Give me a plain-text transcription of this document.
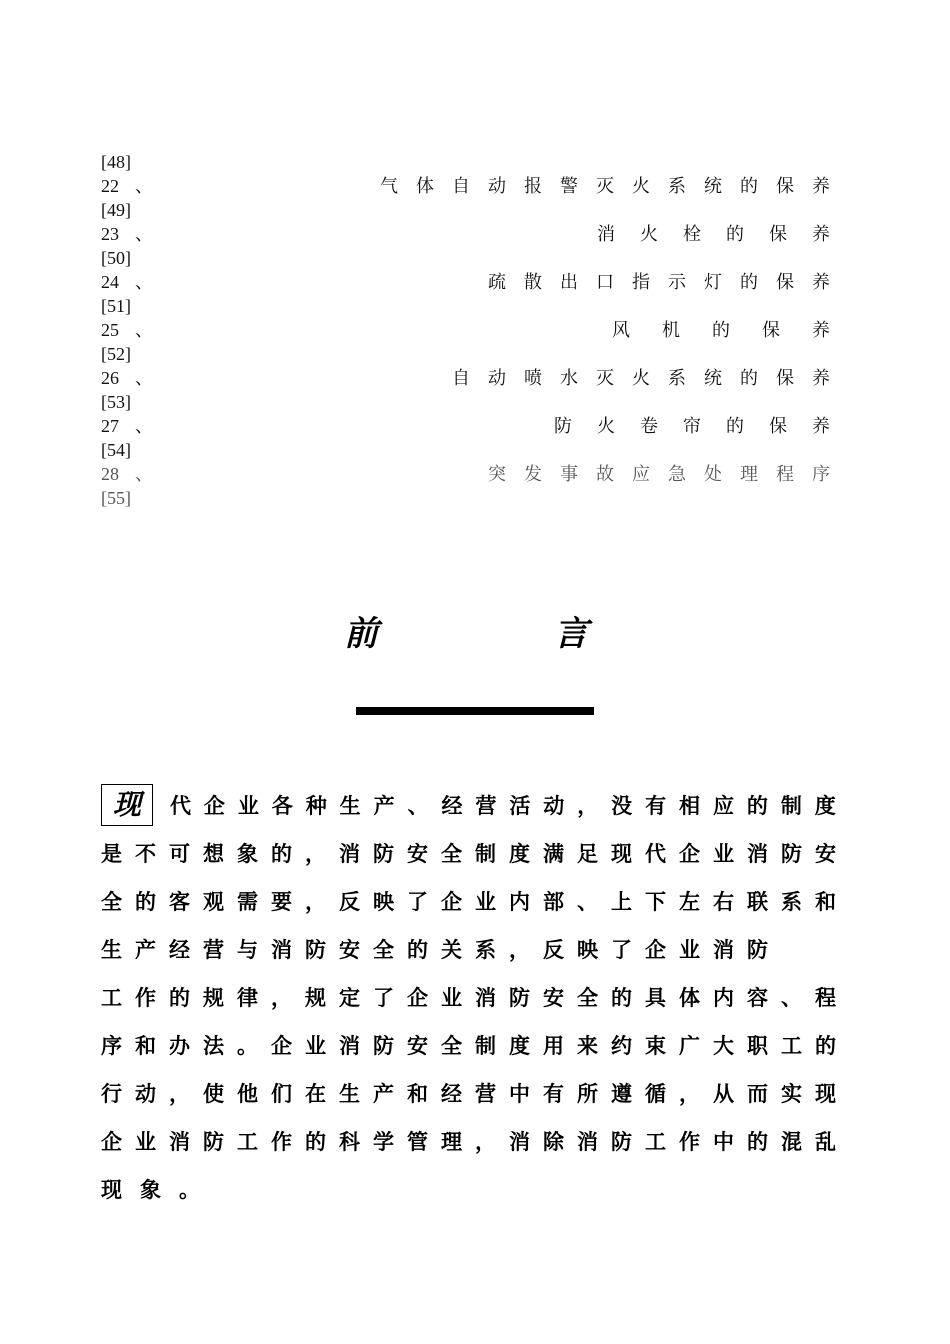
[48]
22 、	气 体 自 动 报 警 灭 火 系 统 的 保 养
[49]
23 、	消 火 栓 的 保 养
[50]
24 、	疏 散 出 口 指 示 灯 的 保 养
[51]
25 、	风 机 的 保 养
[52]
26 、	自 动 喷 水 灭 火 系 统 的 保 养
[53]
27 、	防 火 卷 帘 的 保 养
[54]
28 、	突 发 事 故 应 急 处 理 程 序
[55]
前	言
现	代 企 业 各 种 生 产 、 经 营 活 动 ， 没 有 相 应 的 制 度
是 不 可 想 象 的 ， 消 防 安 全 制 度 满 足 现 代 企 业 消 防 安
全 的 客 观 需 要 ， 反 映 了 企 业 内 部 、 上 下 左 右 联 系 和
生 产 经 营 与 消 防 安 全 的 关 系 ， 反 映 了 企 业 消 防
工 作 的 规 律 ， 规 定 了 企 业 消 防 安 全 的 具 体 内 容 、 程
序 和 办 法 。 企 业 消 防 安 全 制 度 用 来 约 束 广 大 职 工 的
行 动 ， 使 他 们 在 生 产 和 经 营 中 有 所 遵 循 ， 从 而 实 现
企 业 消 防 工 作 的 科 学 管 理 ， 消 除 消 防 工 作 中 的 混 乱
现 象 。
